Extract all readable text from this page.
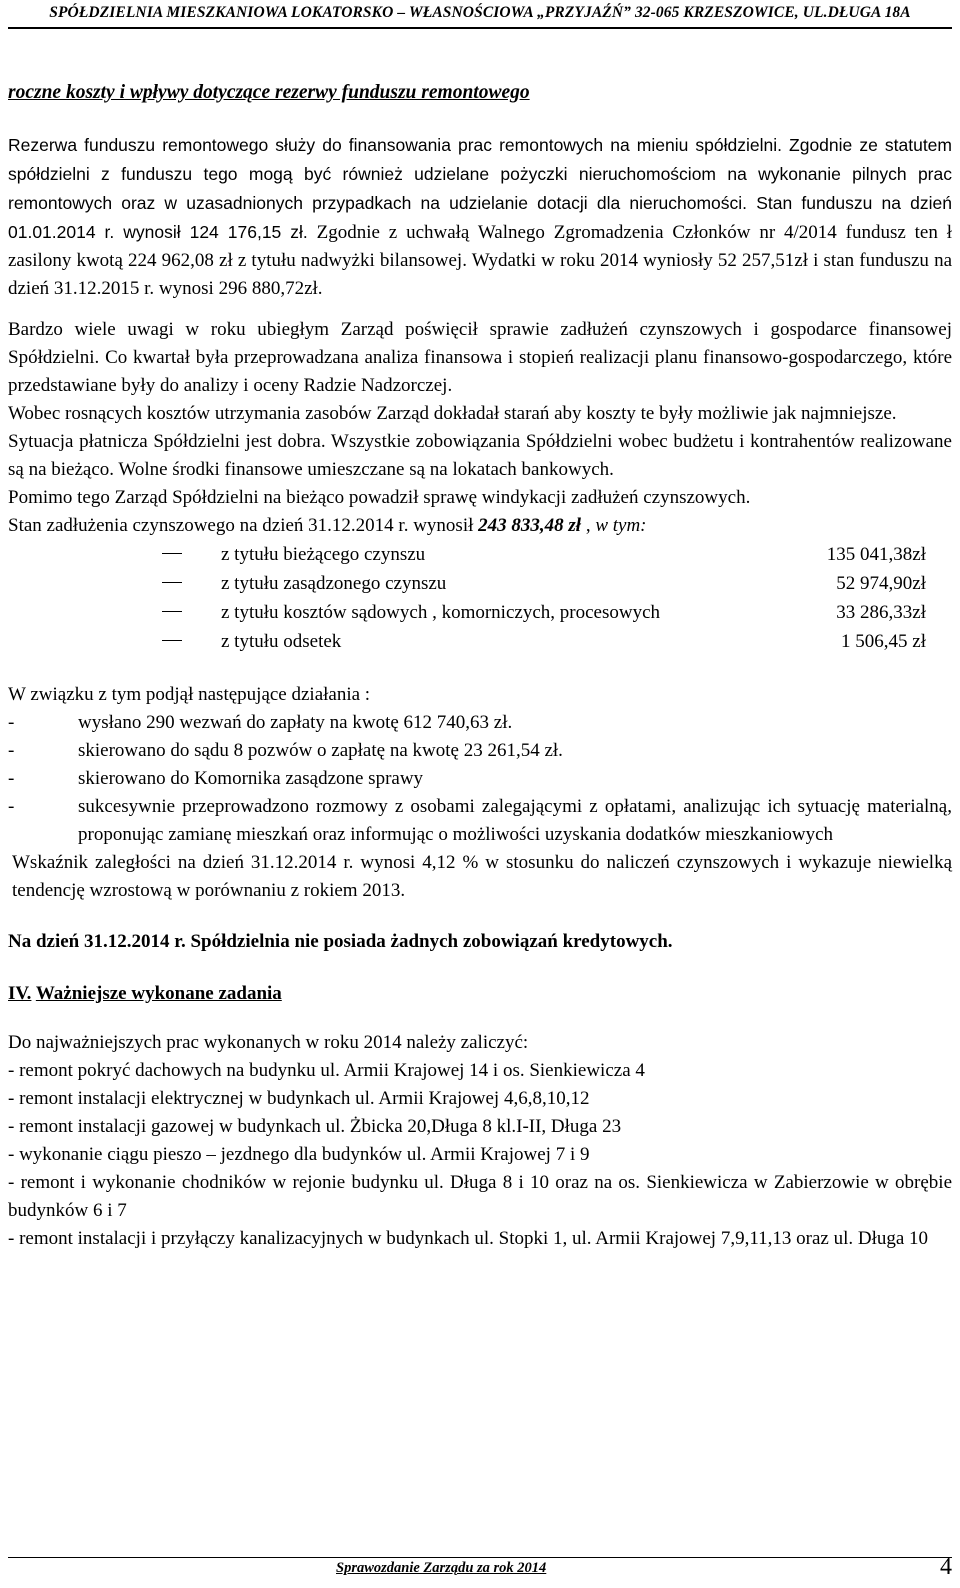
SPÓŁDZIELNIA MIESZKANIOWA LOKATORSKO – WŁASNOŚCIOWA „PRZYJAŹŃ” 32-065 KRZESZOWICE, UL.DŁUGA 18A
roczne koszty i wpływy dotyczące rezerwy funduszu remontowego

Rezerwa funduszu remontowego służy do finansowania prac remontowych na mieniu spółdzielni. Zgodnie ze statutem spółdzielni z funduszu tego mogą być również udzielane pożyczki nieruchomościom na wykonanie pilnych prac remontowych oraz w uzasadnionych przypadkach na udzielanie dotacji dla nieruchomości. Stan funduszu na dzień 01.01.2014 r. wynosił 124 176,15 zł. Zgodnie z uchwałą Walnego Zgromadzenia Członków nr 4/2014 fundusz ten ł zasilony kwotą 224 962,08 zł z tytułu nadwyżki bilansowej. Wydatki w roku 2014 wyniosły 52 257,51zł i stan funduszu na dzień 31.12.2015 r. wynosi 296 880,72zł.

Bardzo wiele uwagi w roku ubiegłym Zarząd poświęcił sprawie zadłużeń czynszowych i gospodarce finansowej Spółdzielni. Co kwartał była przeprowadzana analiza finansowa i stopień realizacji planu finansowo-gospodarczego, które przedstawiane były do analizy i oceny Radzie Nadzorczej.

Wobec rosnących kosztów utrzymania zasobów Zarząd dokładał starań aby koszty te były możliwie jak najmniejsze.

Sytuacja płatnicza Spółdzielni jest dobra. Wszystkie zobowiązania Spółdzielni wobec budżetu i kontrahentów realizowane są na bieżąco. Wolne środki finansowe umieszczane są na lokatach bankowych.

Pomimo tego Zarząd Spółdzielni na bieżąco powadził sprawę windykacji zadłużeń czynszowych.

Stan zadłużenia czynszowego na dzień 31.12.2014 r. wynosił 243 833,48 zł , w tym:

z tytułu bieżącego czynszu	135 041,38zł
z tytułu zasądzonego czynszu	52 974,90zł
z tytułu kosztów sądowych , komorniczych, procesowych	33 286,33zł
z tytułu odsetek	1 506,45 zł

W związku z tym podjął następujące działania :

-	wysłano 290 wezwań do zapłaty na kwotę 612 740,63 zł.
-	skierowano do sądu 8 pozwów o zapłatę na kwotę 23 261,54 zł.
-	skierowano do Komornika zasądzone sprawy
-	sukcesywnie przeprowadzono rozmowy z osobami zalegającymi z opłatami, analizując ich sytuację materialną, proponując zamianę mieszkań oraz informując o możliwości uzyskania dodatków mieszkaniowych

Wskaźnik zaległości na dzień 31.12.2014 r. wynosi 4,12 % w stosunku do naliczeń czynszowych i wykazuje niewielką tendencję wzrostową w porównaniu z rokiem 2013.

Na dzień 31.12.2014 r. Spółdzielnia nie posiada żadnych zobowiązań kredytowych.

IV. Ważniejsze wykonane zadania

Do najważniejszych prac wykonanych w roku 2014 należy zaliczyć:

- remont pokryć dachowych na budynku ul. Armii Krajowej 14 i os. Sienkiewicza 4

- remont instalacji elektrycznej w budynkach ul. Armii Krajowej 4,6,8,10,12

- remont instalacji gazowej w budynkach ul. Żbicka 20,Długa 8 kl.I-II, Długa 23

- wykonanie ciągu pieszo – jezdnego dla budynków ul. Armii Krajowej 7 i 9

- remont i wykonanie chodników w rejonie budynku ul. Długa 8 i 10 oraz na os. Sienkiewicza w Zabierzowie w obrębie budynków 6 i 7

- remont instalacji i przyłączy kanalizacyjnych w budynkach ul. Stopki 1, ul. Armii Krajowej 7,9,11,13 oraz ul. Długa 10

Sprawozdanie Zarządu za rok 2014	4
